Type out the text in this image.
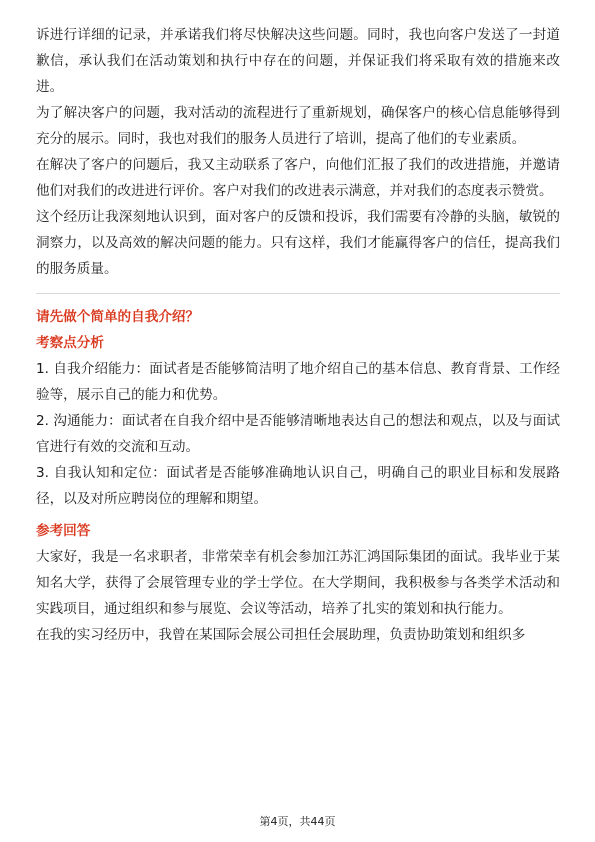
诉进行详细的记录，并承诺我们将尽快解决这些问题。同时，我也向客户发送了一封道歉信，承认我们在活动策划和执行中存在的问题，并保证我们将采取有效的措施来改进。

为了解决客户的问题，我对活动的流程进行了重新规划，确保客户的核心信息能够得到充分的展示。同时，我也对我们的服务人员进行了培训，提高了他们的专业素质。

在解决了客户的问题后，我又主动联系了客户，向他们汇报了我们的改进措施，并邀请他们对我们的改进进行评价。客户对我们的改进表示满意，并对我们的态度表示赞赏。

这个经历让我深刻地认识到，面对客户的反馈和投诉，我们需要有冷静的头脑，敏锐的洞察力，以及高效的解决问题的能力。只有这样，我们才能赢得客户的信任，提高我们的服务质量。

请先做个简单的自我介绍？

考察点分析

1. 自我介绍能力：面试者是否能够简洁明了地介绍自己的基本信息、教育背景、工作经验等，展示自己的能力和优势。

2. 沟通能力：面试者在自我介绍中是否能够清晰地表达自己的想法和观点，以及与面试官进行有效的交流和互动。

3. 自我认知和定位：面试者是否能够准确地认识自己，明确自己的职业目标和发展路径，以及对所应聘岗位的理解和期望。

参考回答

大家好，我是一名求职者，非常荣幸有机会参加江苏汇鸿国际集团的面试。我毕业于某知名大学，获得了会展管理专业的学士学位。在大学期间，我积极参与各类学术活动和实践项目，通过组织和参与展览、会议等活动，培养了扎实的策划和执行能力。

在我的实习经历中，我曾在某国际会展公司担任会展助理，负责协助策划和组织多

第4页，共44页
